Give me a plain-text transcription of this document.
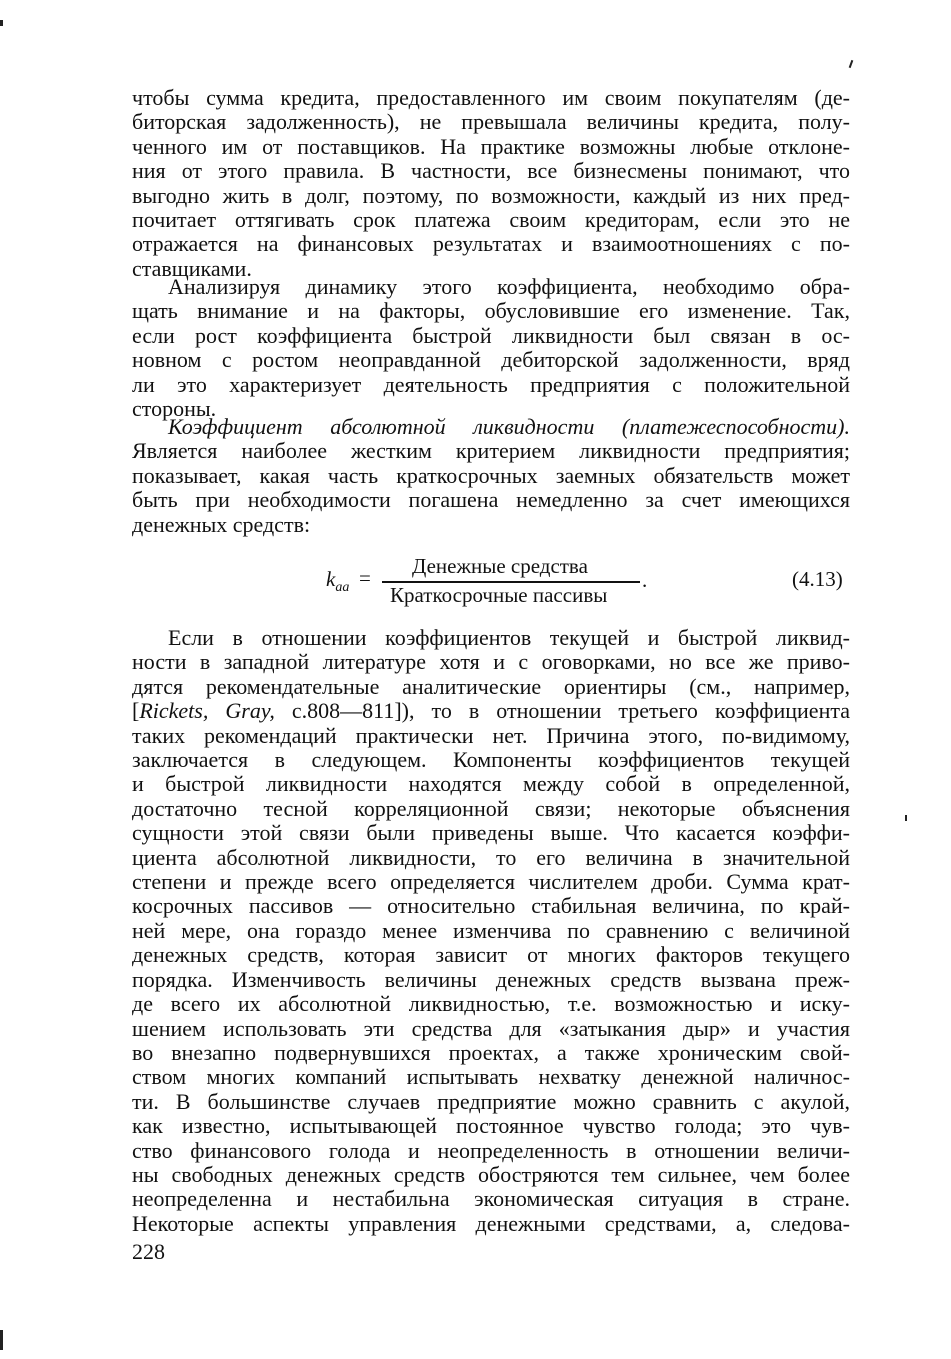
чтобы сумма кредита, предоставленного им своим покупателям (де-
биторская задолженность), не превышала величины кредита, полу-
ченного им от поставщиков. На практике возможны любые отклоне-
ния от этого правила. В частности, все бизнесмены понимают, что
выгодно жить в долг, поэтому, по возможности, каждый из них пред-
почитает оттягивать срок платежа своим кредиторам, если это не
отражается на финансовых результатах и взаимоотношениях с по-
ставщиками.
Анализируя динамику этого коэффициента, необходимо обра-
щать внимание и на факторы, обусловившие его изменение. Так,
если рост коэффициента быстрой ликвидности был связан в ос-
новном с ростом неоправданной дебиторской задолженности, вряд
ли это характеризует деятельность предприятия с положительной
стороны.
Коэффициент абсолютной ликвидности (платежеспособности).
Является наиболее жестким критерием ликвидности предприятия;
показывает, какая часть краткосрочных заемных обязательств может
быть при необходимости погашена немедленно за счет имеющихся
денежных средств:
$k_{аа}$ = Денежные средства
Краткосрочные пассивы
.	(4.13)
Если в отношении коэффициентов текущей и быстрой ликвид-
ности в западной литературе хотя и с оговорками, но все же приво-
дятся рекомендательные аналитические ориентиры (см., например,
[Rickets, Gray, с.808—811]), то в отношении третьего коэффициента
таких рекомендаций практически нет. Причина этого, по-видимому,
заключается в следующем. Компоненты коэффициентов текущей
и быстрой ликвидности находятся между собой в определенной,
достаточно тесной корреляционной связи; некоторые объяснения
сущности этой связи были приведены выше. Что касается коэффи-
циента абсолютной ликвидности, то его величина в значительной
степени и прежде всего определяется числителем дроби. Сумма крат-
косрочных пассивов — относительно стабильная величина, по край-
ней мере, она гораздо менее изменчива по сравнению с величиной
денежных средств, которая зависит от многих факторов текущего
порядка. Изменчивость величины денежных средств вызвана преж-
де всего их абсолютной ликвидностью, т.е. возможностью и иску-
шением использовать эти средства для «затыкания дыр» и участия
во внезапно подвернувшихся проектах, а также хроническим свой-
ством многих компаний испытывать нехватку денежной наличнос-
ти. В большинстве случаев предприятие можно сравнить с акулой,
как известно, испытывающей постоянное чувство голода; это чув-
ство финансового голода и неопределенность в отношении величи-
ны свободных денежных средств обостряются тем сильнее, чем более
неопределенна и нестабильна экономическая ситуация в стране.
Некоторые аспекты управления денежными средствами, а, следова-
228
